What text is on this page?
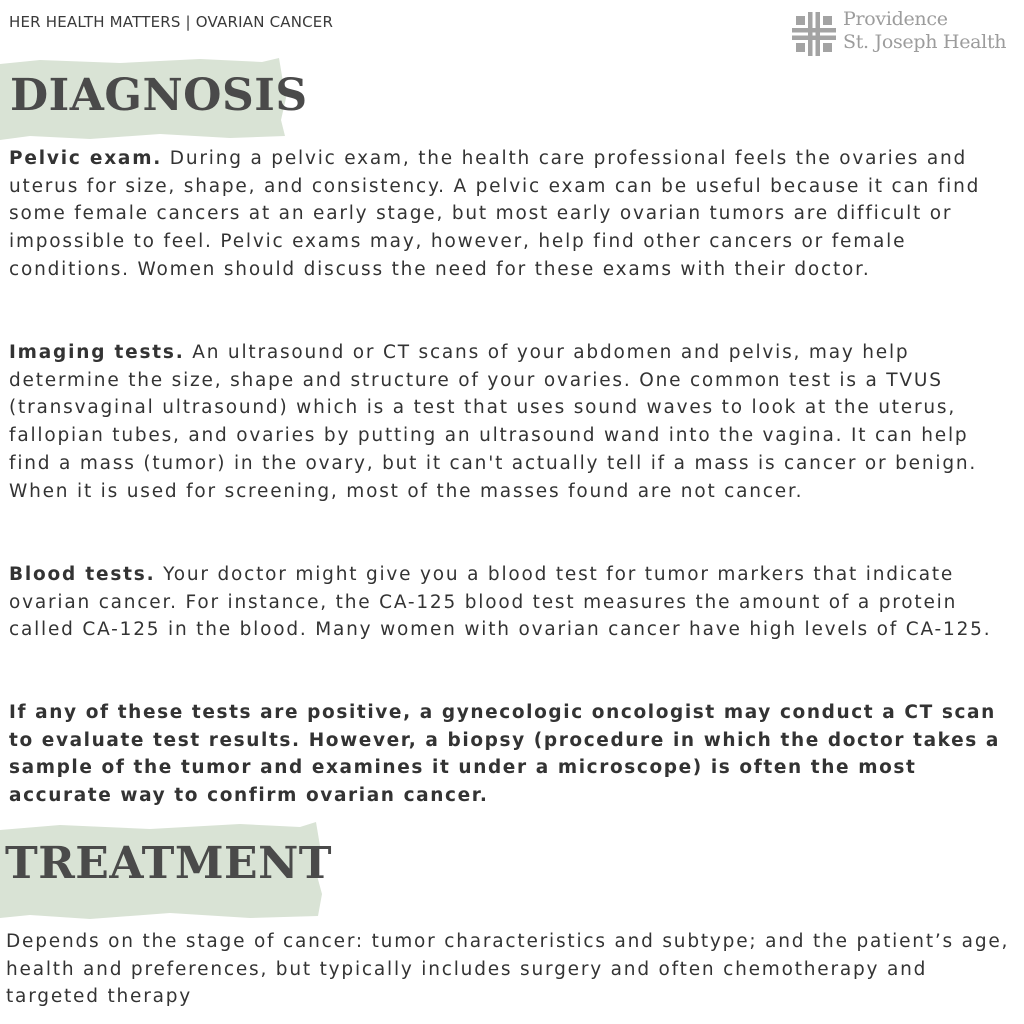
HER HEALTH MATTERS | OVARIAN CANCER	Providence
St. Joseph Health
DIAGNOSIS

Pelvic exam. During a pelvic exam, the health care professional feels the ovaries and uterus for size, shape, and consistency. A pelvic exam can be useful because it can find some female cancers at an early stage, but most early ovarian tumors are difficult or impossible to feel. Pelvic exams may, however, help find other cancers or female conditions. Women should discuss the need for these exams with their doctor.

Imaging tests. An ultrasound or CT scans of your abdomen and pelvis, may help determine the size, shape and structure of your ovaries. One common test is a TVUS (transvaginal ultrasound) which is a test that uses sound waves to look at the uterus, fallopian tubes, and ovaries by putting an ultrasound wand into the vagina. It can help find a mass (tumor) in the ovary, but it can't actually tell if a mass is cancer or benign. When it is used for screening, most of the masses found are not cancer.

Blood tests. Your doctor might give you a blood test for tumor markers that indicate ovarian cancer. For instance, the CA-125 blood test measures the amount of a protein called CA-125 in the blood. Many women with ovarian cancer have high levels of CA-125.

If any of these tests are positive, a gynecologic oncologist may conduct a CT scan to evaluate test results. However, a biopsy (procedure in which the doctor takes a sample of the tumor and examines it under a microscope) is often the most accurate way to confirm ovarian cancer.

TREATMENT

Depends on the stage of cancer: tumor characteristics and subtype; and the patient’s age, health and preferences, but typically includes surgery and often chemotherapy and targeted therapy
